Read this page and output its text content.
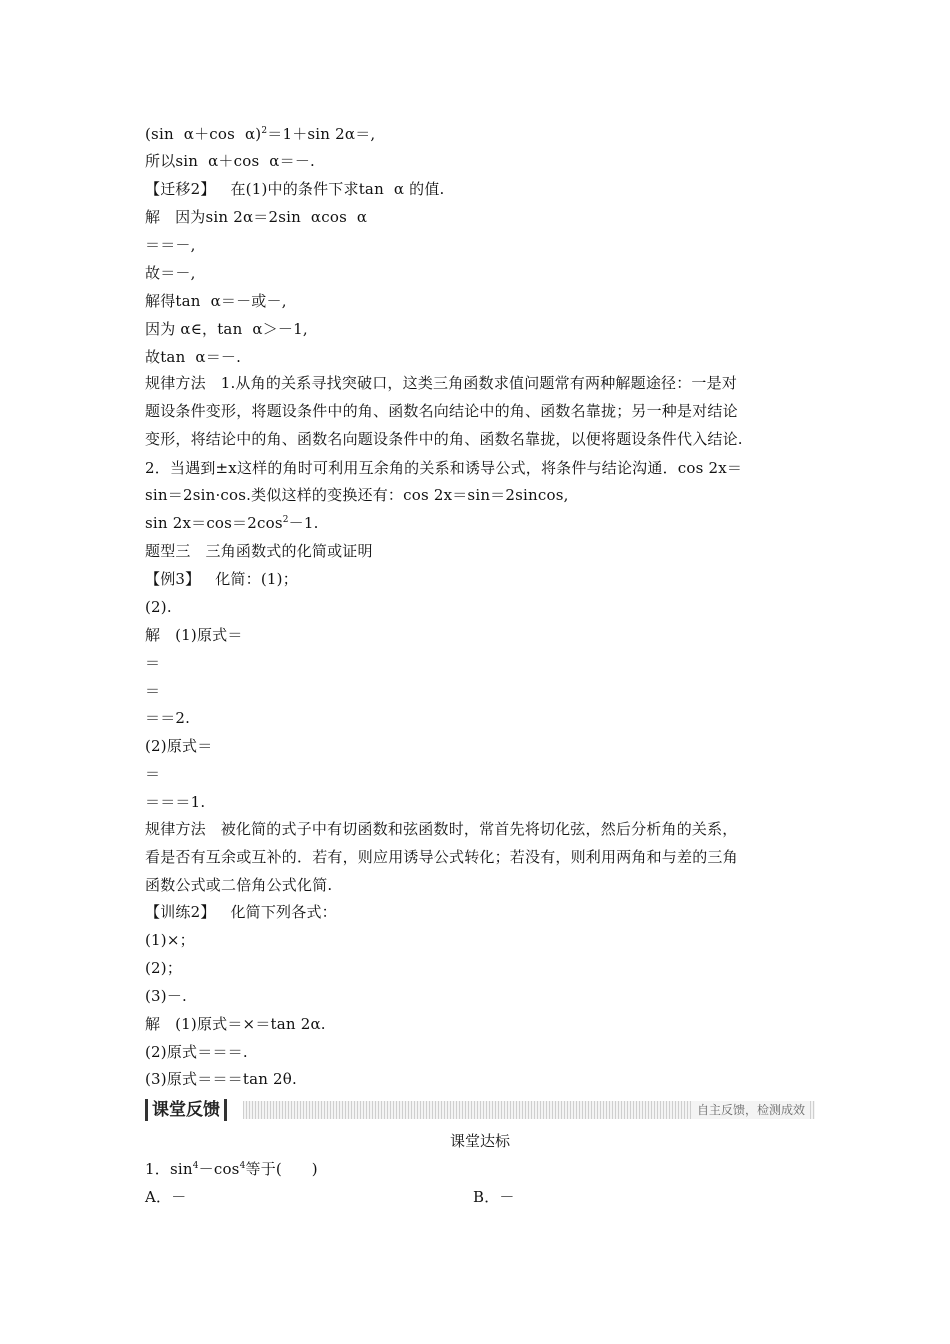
(sin  α＋cos  α)$^2$＝1＋sin 2α＝,
所以sin  α＋cos  α＝－.
【迁移2】   在(1)中的条件下求tan  α 的值.
解   因为sin 2α＝2sin  αcos  α
＝＝－,
故＝－,
解得tan  α＝－或－,
因为 α∈，tan  α＞－1,
故tan  α＝－.
规律方法   1.从角的关系寻找突破口，这类三角函数求值问题常有两种解题途径：一是对
题设条件变形，将题设条件中的角、函数名向结论中的角、函数名靠拢；另一种是对结论
变形，将结论中的角、函数名向题设条件中的角、函数名靠拢，以便将题设条件代入结论.
2．当遇到±x这样的角时可利用互余角的关系和诱导公式，将条件与结论沟通．cos 2x＝
sin＝2sin·cos.类似这样的变换还有：cos 2x＝sin＝2sincos,
$\sin 2x=\cos=2\cos^2-1$.
题型三   三角函数式的化简或证明
【例3】   化简：(1)；
(2).
解   (1)原式＝
＝
＝
＝＝2.
(2)原式＝
＝
＝＝＝1.
规律方法   被化简的式子中有切函数和弦函数时，常首先将切化弦，然后分析角的关系，
看是否有互余或互补的．若有，则应用诱导公式转化；若没有，则利用两角和与差的三角
函数公式或二倍角公式化简.
【训练2】   化简下列各式：
(1)×；
(2)；
(3)－.
解   (1)原式＝×＝tan 2α.
(2)原式＝＝＝.
(3)原式＝＝＝tan 2θ.
课堂反馈	自主反馈，检测成效
课堂达标
1．$\sin^4-\cos^4$等于(      )
A．－	B．－
